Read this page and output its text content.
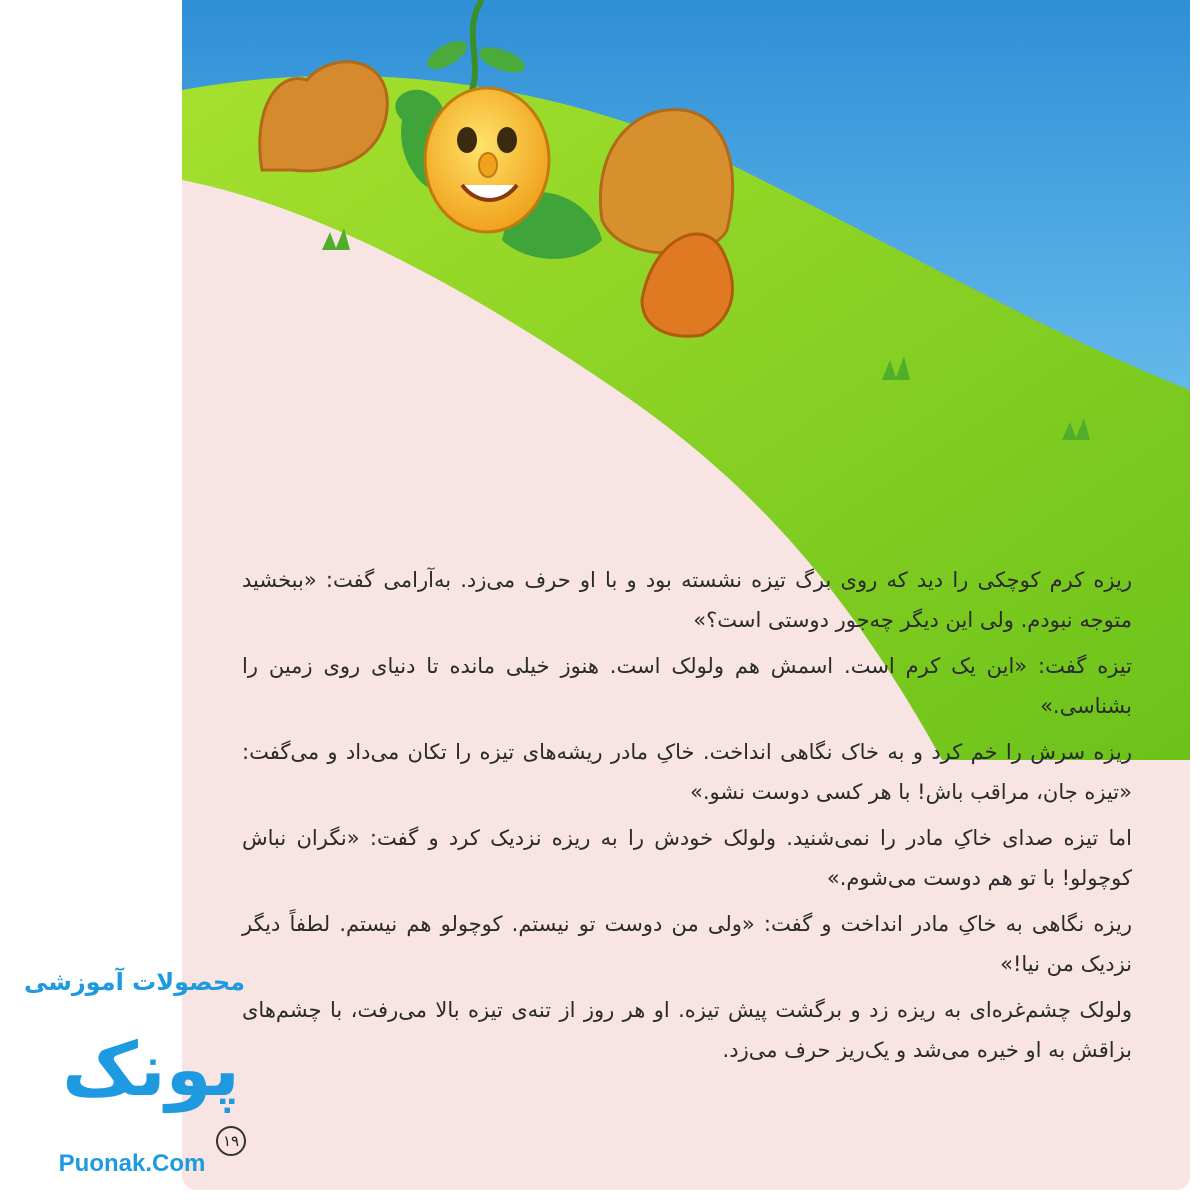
ریزه کرم کوچکی را دید که روی برگ تیزه نشسته بود و با او حرف می‌زد. به‌آرامی گفت: «ببخشید متوجه نبودم. ولی این دیگر چه‌جور دوستی است؟»

تیزه گفت: «این یک کرم است. اسمش هم ولولک است. هنوز خیلی مانده تا دنیای روی زمین را بشناسی.»

ریزه سرش را خم کرد و به خاک نگاهی انداخت. خاکِ مادر ریشه‌های تیزه را تکان می‌داد و می‌گفت: «تیزه جان، مراقب باش! با هر کسی دوست نشو.»

اما تیزه صدای خاکِ مادر را نمی‌شنید. ولولک خودش را به ریزه نزدیک کرد و گفت: «نگران نباش کوچولو! با تو هم دوست می‌شوم.»

ریزه نگاهی به خاکِ مادر انداخت و گفت: «ولی من دوست تو نیستم. کوچولو هم نیستم. لطفاً دیگر نزدیک من نیا!»

ولولک چشم‌غره‌ای به ریزه زد و برگشت پیش تیزه. او هر روز از تنه‌ی تیزه بالا می‌رفت، با چشم‌های بزاقش به او خیره می‌شد و یک‌ریز حرف می‌زد.

۱۹
محصولات آموزشی
پونک
Puonak.Com
